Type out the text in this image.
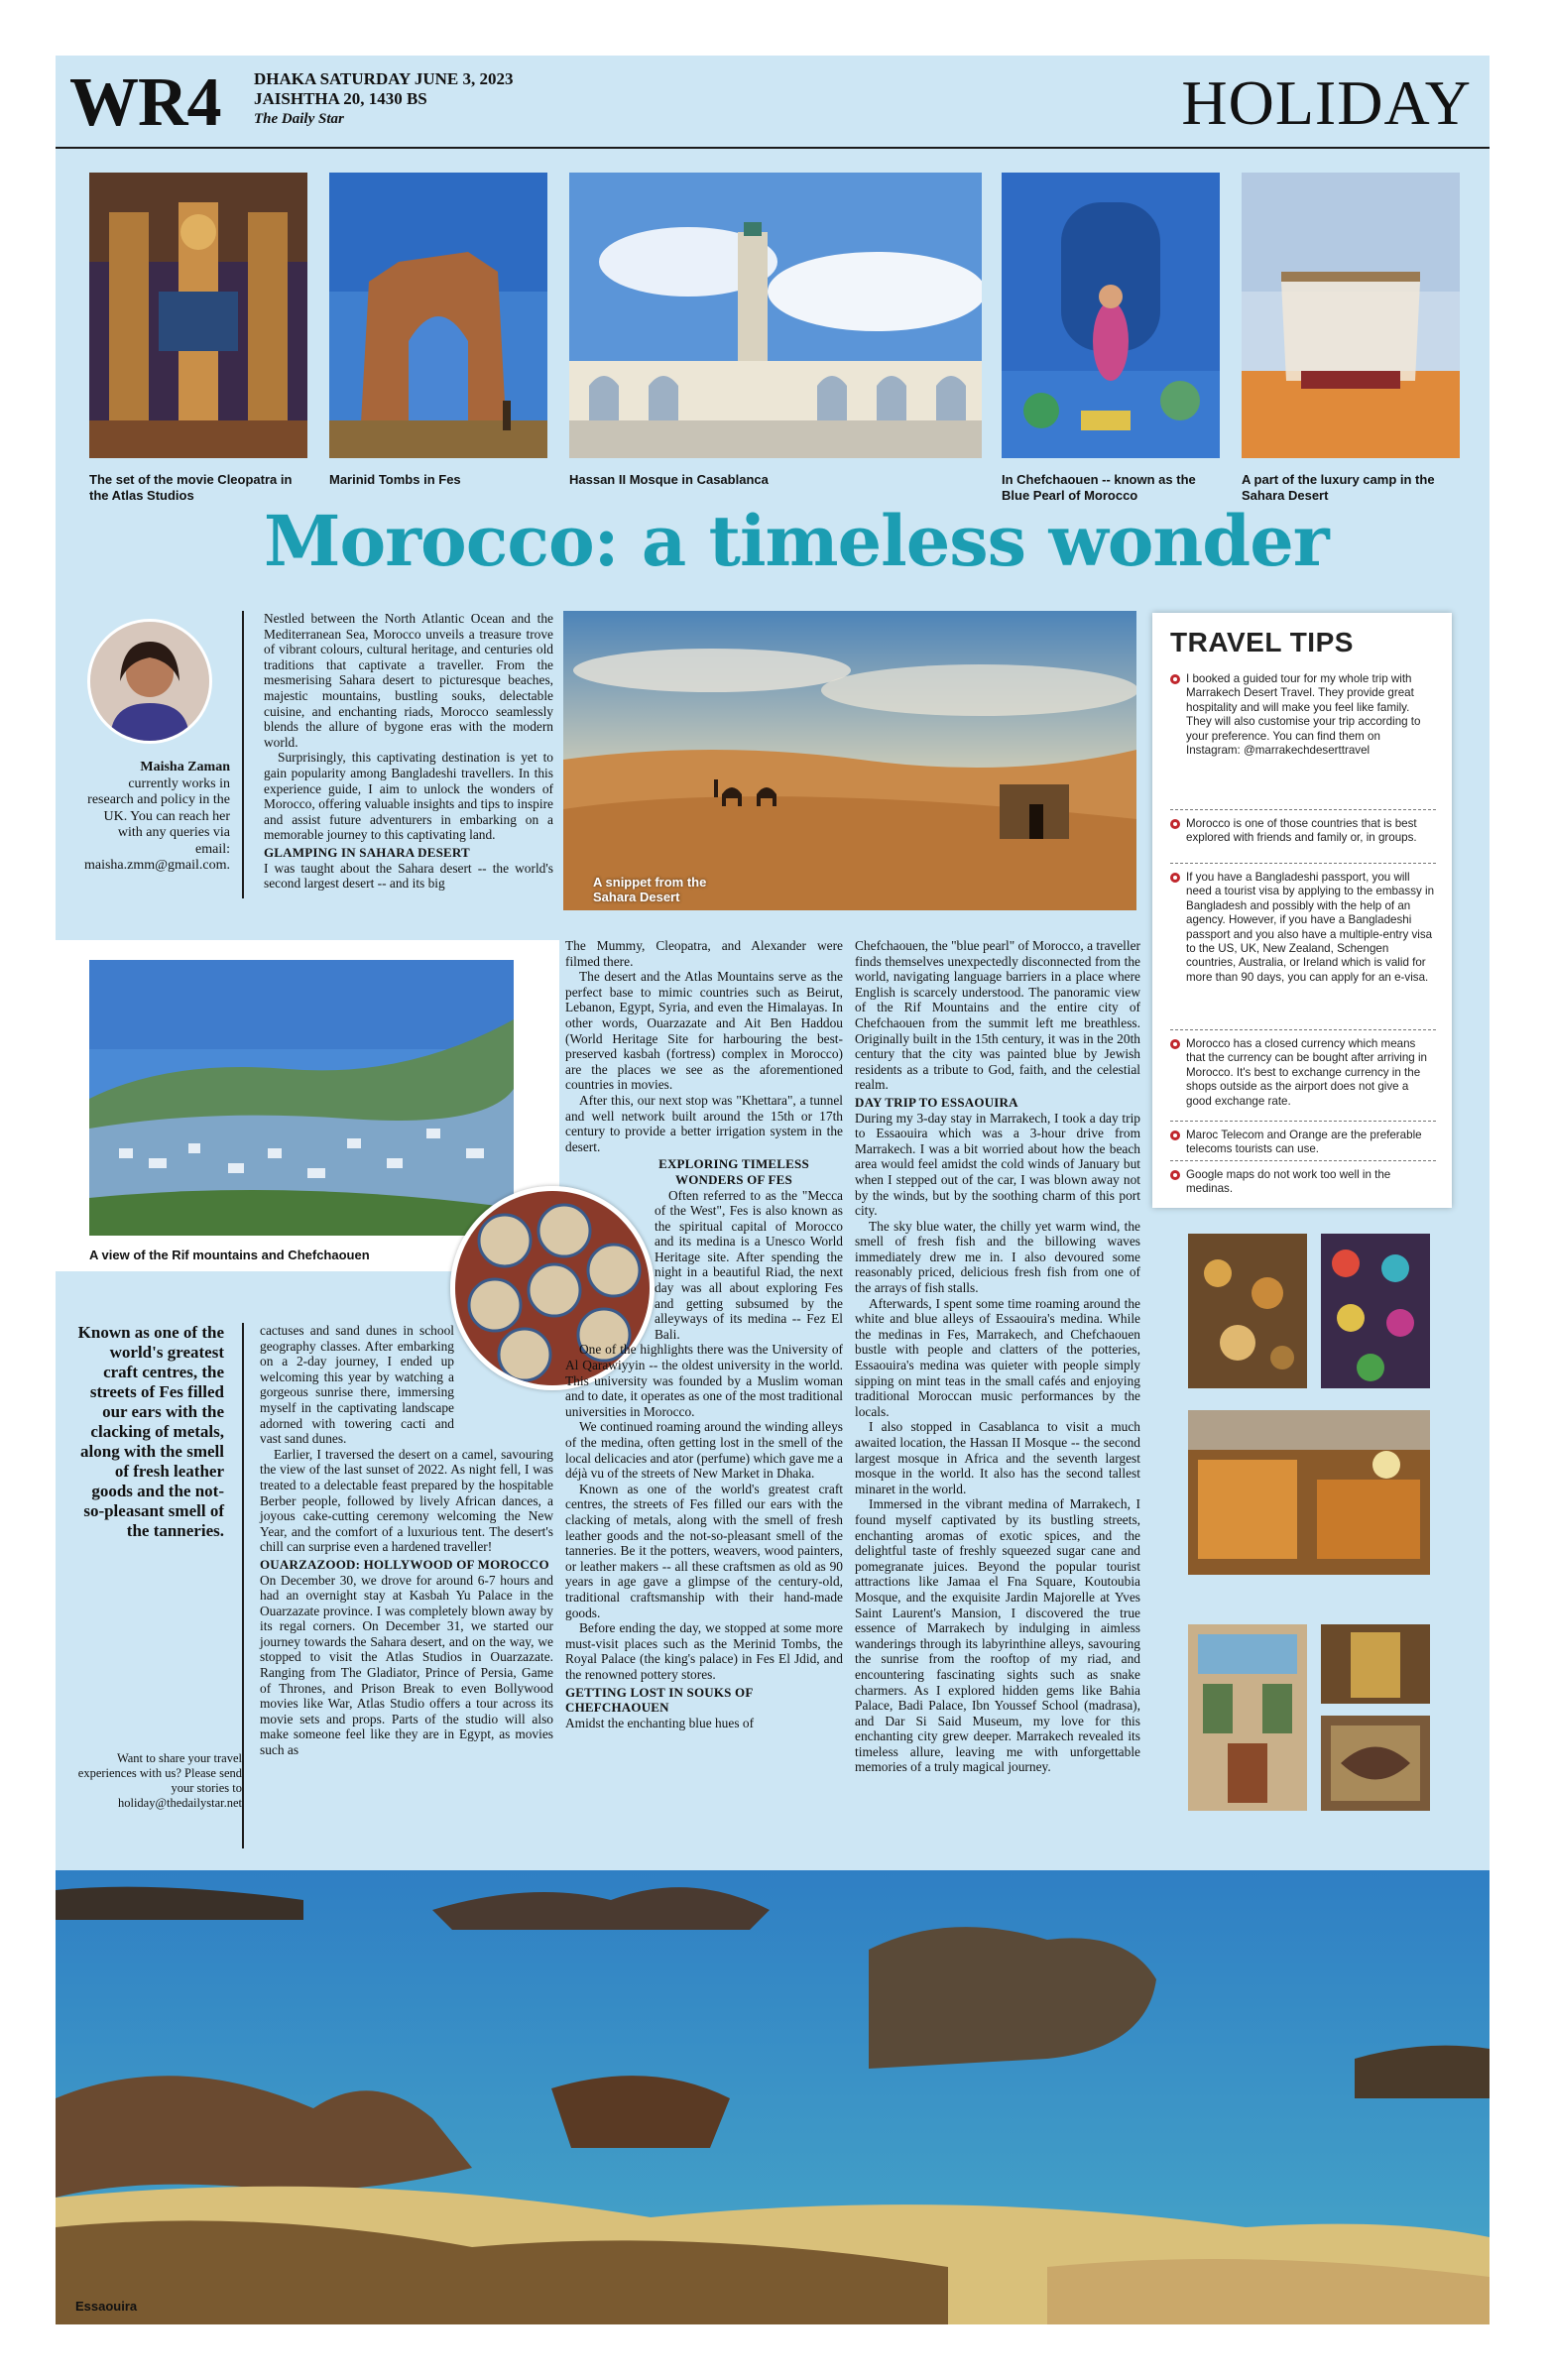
WR4 DHAKA SATURDAY JUNE 3, 2023
JAISHTHA 20, 1430 BS
The Daily Star	HOLIDAY
The set of the movie Cleopatra in the Atlas Studios
Marinid Tombs in Fes	Hassan II Mosque in Casablanca	In Chefchaouen -- known as the Blue Pearl of Morocco
A part of the luxury camp in the Sahara Desert
Morocco: a timeless wonder
Maisha Zaman
currently works in research and policy in the UK. You can reach her with any queries via email: maisha.zmm@gmail.com.

Nestled between the North Atlantic Ocean and the Mediterranean Sea, Morocco unveils a treasure trove of vibrant colours, cultural heritage, and centuries old traditions that captivate a traveller. From the mesmerising Sahara desert to picturesque beaches, majestic mountains, bustling souks, delectable cuisine, and enchanting riads, Morocco seamlessly blends the allure of bygone eras with the modern world.

Surprisingly, this captivating destination is yet to gain popularity among Bangladeshi travellers. In this experience guide, I aim to unlock the wonders of Morocco, offering valuable insights and tips to inspire and assist future adventurers in embarking on a memorable journey to this captivating land.

GLAMPING IN SAHARA DESERT

I was taught about the Sahara desert -- the world's second largest desert -- and its big	A snippet from the Sahara Desert
TRAVEL TIPS
I booked a guided tour for my whole trip with Marrakech Desert Travel. They provide great hospitality and will make you feel like family. They will also customise your trip according to your preference. You can find them on Instagram: @marrakechdeserttravel
Morocco is one of those countries that is best explored with friends and family or, in groups.
If you have a Bangladeshi passport, you will need a tourist visa by applying to the embassy in Bangladesh and possibly with the help of an agency. However, if you have a Bangladeshi passport and you also have a multiple-entry visa to the US, UK, New Zealand, Schengen countries, Australia, or Ireland which is valid for more than 90 days, you can apply for an e-visa.
Morocco has a closed currency which means that the currency can be bought after arriving in Morocco. It's best to exchange currency in the shops outside as the airport does not give a good exchange rate.
Maroc Telecom and Orange are the preferable telecoms tourists can use.
Google maps do not work too well in the medinas.
A view of the Rif mountains and Chefchaouen
Known as one of the world's greatest craft centres, the streets of Fes filled our ears with the clacking of metals, along with the smell of fresh leather goods and the not-so-pleasant smell of the tanneries.
Want to share your travel experiences with us? Please send your stories to holiday@thedailystar.net

cactuses and sand dunes in school geography classes. After embarking on a 2-day journey, I ended up welcoming this year by watching a gorgeous sunrise there, immersing myself in the captivating landscape adorned with towering cacti and vast sand dunes.

Earlier, I traversed the desert on a camel, savouring the view of the last sunset of 2022. As night fell, I was treated to a delectable feast prepared by the hospitable Berber people, followed by lively African dances, a joyous cake-cutting ceremony welcoming the New Year, and the comfort of a luxurious tent. The desert's chill can surprise even a hardened traveller!

OUARZAZOOD: HOLLYWOOD OF MOROCCO

On December 30, we drove for around 6-7 hours and had an overnight stay at Kasbah Yu Palace in the Ouarzazate province. I was completely blown away by its regal corners. On December 31, we started our journey towards the Sahara desert, and on the way, we stopped to visit the Atlas Studios in Ouarzazate. Ranging from The Gladiator, Prince of Persia, Game of Thrones, and Prison Break to even Bollywood movies like War, Atlas Studio offers a tour across its movie sets and props. Parts of the studio will also make someone feel like they are in Egypt, as movies such as

The Mummy, Cleopatra, and Alexander were filmed there.

The desert and the Atlas Mountains serve as the perfect base to mimic countries such as Beirut, Lebanon, Egypt, Syria, and even the Himalayas. In other words, Ouarzazate and Ait Ben Haddou (World Heritage Site for harbouring the best-preserved kasbah (fortress) complex in Morocco) are the places we see as the aforementioned countries in movies.

After this, our next stop was "Khettara", a tunnel and well network built around the 15th or 17th century to provide a better irrigation system in the desert.

EXPLORING TIMELESS WONDERS OF FES

Often referred to as the "Mecca of the West", Fes is also known as the spiritual capital of Morocco and its medina is a Unesco World Heritage site. After spending the night in a beautiful Riad, the next day was all about exploring Fes and getting subsumed by the alleyways of its medina -- Fez El Bali.

One of the highlights there was the University of Al Qarawiyyin -- the oldest university in the world. This university was founded by a Muslim woman and to date, it operates as one of the most traditional universities in Morocco.

We continued roaming around the winding alleys of the medina, often getting lost in the smell of the local delicacies and ator (perfume) which gave me a déjà vu of the streets of New Market in Dhaka.

Known as one of the world's greatest craft centres, the streets of Fes filled our ears with the clacking of metals, along with the smell of fresh leather goods and the not-so-pleasant smell of the tanneries. Be it the potters, weavers, wood painters, or leather makers -- all these craftsmen as old as 90 years in age gave a glimpse of the century-old, traditional craftsmanship with their hand-made goods.

Before ending the day, we stopped at some more must-visit places such as the Merinid Tombs, the Royal Palace (the king's palace) in Fes El Jdid, and the renowned pottery stores.

GETTING LOST IN SOUKS OF CHEFCHAOUEN

Amidst the enchanting blue hues of

Chefchaouen, the "blue pearl" of Morocco, a traveller finds themselves unexpectedly disconnected from the world, navigating language barriers in a place where English is scarcely understood. The panoramic view of the Rif Mountains and the entire city of Chefchaouen from the summit left me breathless. Originally built in the 15th century, it was in the 20th century that the city was painted blue by Jewish residents as a tribute to God, faith, and the celestial realm.

DAY TRIP TO ESSAOUIRA

During my 3-day stay in Marrakech, I took a day trip to Essaouira which was a 3-hour drive from Marrakech. I was a bit worried about how the beach area would feel amidst the cold winds of January but when I stepped out of the car, I was blown away not by the winds, but by the soothing charm of this port city.

The sky blue water, the chilly yet warm wind, the smell of fresh fish and the billowing waves immediately drew me in. I also devoured some reasonably priced, delicious fresh fish from one of the arrays of fish stalls.

Afterwards, I spent some time roaming around the white and blue alleys of Essaouira's medina. While the medinas in Fes, Marrakech, and Chefchaouen bustle with people and clatters of the potteries, Essaouira's medina was quieter with people simply sipping on mint teas in the small cafés and enjoying traditional Moroccan music performances by the locals.

I also stopped in Casablanca to visit a much awaited location, the Hassan II Mosque -- the second largest mosque in Africa and the seventh largest mosque in the world. It also has the second tallest minaret in the world.

Immersed in the vibrant medina of Marrakech, I found myself captivated by its bustling streets, enchanting aromas of exotic spices, and the delightful taste of freshly squeezed sugar cane and pomegranate juices. Beyond the popular tourist attractions like Jamaa el Fna Square, Koutoubia Mosque, and the exquisite Jardin Majorelle at Yves Saint Laurent's Mansion, I discovered the true essence of Marrakech by indulging in aimless wanderings through its labyrinthine alleys, savouring the sunrise from the rooftop of my riad, and encountering fascinating sights such as snake charmers. As I explored hidden gems like Bahia Palace, Badi Palace, Ibn Youssef School (madrasa), and Dar Si Said Museum, my love for this enchanting city grew deeper. Marrakech revealed its timeless allure, leaving me with unforgettable memories of a truly magical journey.

Essaouira
